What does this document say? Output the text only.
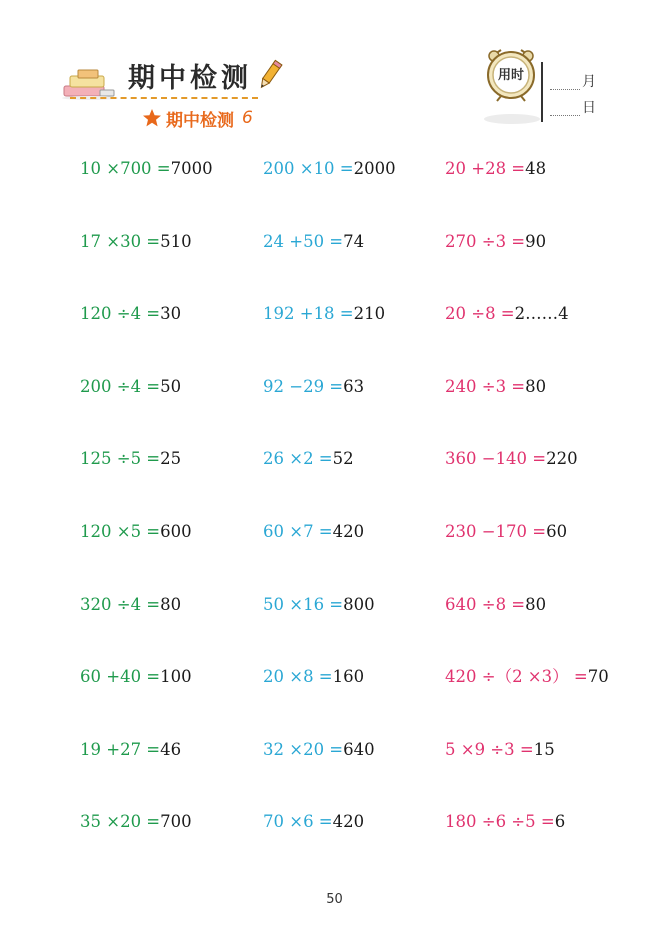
期中检测
期中检测 6
用时	月
日
10 ×700 =7000	200 ×10 =2000	20 +28 =48
17 ×30 =510	24 +50 =74	270 ÷3 =90
120 ÷4 =30	192 +18 =210	20 ÷8 =2……4
200 ÷4 =50	92 −29 =63	240 ÷3 =80
125 ÷5 =25	26 ×2 =52	360 −140 =220
120 ×5 =600	60 ×7 =420	230 −170 =60
320 ÷4 =80	50 ×16 =800	640 ÷8 =80
60 +40 =100	20 ×8 =160	420 ÷（2 ×3） =70
19 +27 =46	32 ×20 =640	5 ×9 ÷3 =15
35 ×20 =700	70 ×6 =420	180 ÷6 ÷5 =6
50
